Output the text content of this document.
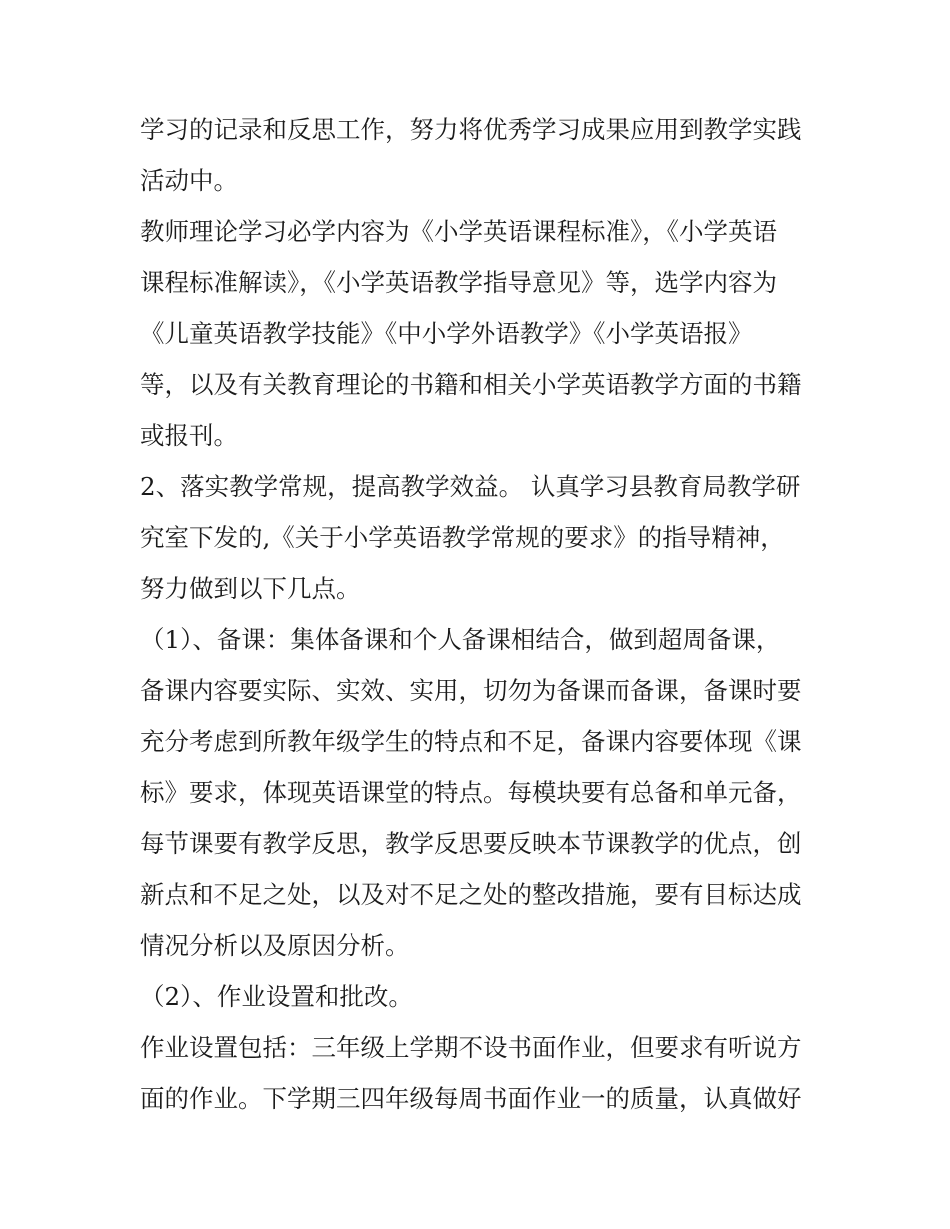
学习的记录和反思工作，努力将优秀学习成果应用到教学实践
活动中。
教师理论学习必学内容为《小学英语课程标准》，《小学英语
课程标准解读》，《小学英语教学指导意见》等，选学内容为
《儿童英语教学技能》《中小学外语教学》《小学英语报》
等，以及有关教育理论的书籍和相关小学英语教学方面的书籍
或报刊。
2、落实教学常规，提高教学效益。 认真学习县教育局教学研
究室下发的,《关于小学英语教学常规的要求》的指导精神，
努力做到以下几点。
（1）、备课：集体备课和个人备课相结合，做到超周备课，
备课内容要实际、实效、实用，切勿为备课而备课，备课时要
充分考虑到所教年级学生的特点和不足，备课内容要体现《课
标》要求，体现英语课堂的特点。每模块要有总备和单元备，
每节课要有教学反思，教学反思要反映本节课教学的优点，创
新点和不足之处，以及对不足之处的整改措施，要有目标达成
情况分析以及原因分析。
（2）、作业设置和批改。
作业设置包括：三年级上学期不设书面作业，但要求有听说方
面的作业。下学期三四年级每周书面作业一的质量，认真做好
